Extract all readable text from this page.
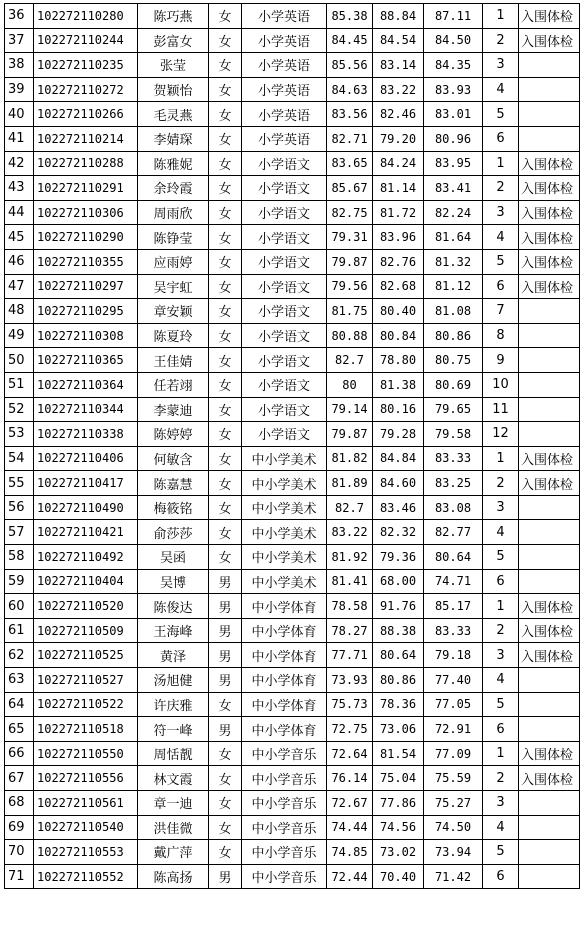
36	102272110280	陈巧燕	女	小学英语	85.38	88.84	87.11	1	入围体检
37	102272110244	彭富女	女	小学英语	84.45	84.54	84.50	2	入围体检
38	102272110235	张莹	女	小学英语	85.56	83.14	84.35	3	
39	102272110272	贺颖怡	女	小学英语	84.63	83.22	83.93	4	
40	102272110266	毛灵燕	女	小学英语	83.56	82.46	83.01	5	
41	102272110214	李婧琛	女	小学英语	82.71	79.20	80.96	6	
42	102272110288	陈雅妮	女	小学语文	83.65	84.24	83.95	1	入围体检
43	102272110291	余玲霞	女	小学语文	85.67	81.14	83.41	2	入围体检
44	102272110306	周雨欣	女	小学语文	82.75	81.72	82.24	3	入围体检
45	102272110290	陈铮莹	女	小学语文	79.31	83.96	81.64	4	入围体检
46	102272110355	应雨婷	女	小学语文	79.87	82.76	81.32	5	入围体检
47	102272110297	吴宇虹	女	小学语文	79.56	82.68	81.12	6	入围体检
48	102272110295	章安颖	女	小学语文	81.75	80.40	81.08	7	
49	102272110308	陈夏玲	女	小学语文	80.88	80.84	80.86	8	
50	102272110365	王佳婧	女	小学语文	82.7	78.80	80.75	9	
51	102272110364	任若翊	女	小学语文	80	81.38	80.69	10	
52	102272110344	李蒙迪	女	小学语文	79.14	80.16	79.65	11	
53	102272110338	陈婷婷	女	小学语文	79.87	79.28	79.58	12	
54	102272110406	何敏含	女	中小学美术	81.82	84.84	83.33	1	入围体检
55	102272110417	陈嘉慧	女	中小学美术	81.89	84.60	83.25	2	入围体检
56	102272110490	梅筱铭	女	中小学美术	82.7	83.46	83.08	3	
57	102272110421	俞莎莎	女	中小学美术	83.22	82.32	82.77	4	
58	102272110492	吴函	女	中小学美术	81.92	79.36	80.64	5	
59	102272110404	吴博	男	中小学美术	81.41	68.00	74.71	6	
60	102272110520	陈俊达	男	中小学体育	78.58	91.76	85.17	1	入围体检
61	102272110509	王海峰	男	中小学体育	78.27	88.38	83.33	2	入围体检
62	102272110525	黄泽	男	中小学体育	77.71	80.64	79.18	3	入围体检
63	102272110527	汤旭健	男	中小学体育	73.93	80.86	77.40	4	
64	102272110522	许庆雅	女	中小学体育	75.73	78.36	77.05	5	
65	102272110518	符一峰	男	中小学体育	72.75	73.06	72.91	6	
66	102272110550	周恬靓	女	中小学音乐	72.64	81.54	77.09	1	入围体检
67	102272110556	林文霞	女	中小学音乐	76.14	75.04	75.59	2	入围体检
68	102272110561	章一迪	女	中小学音乐	72.67	77.86	75.27	3	
69	102272110540	洪佳微	女	中小学音乐	74.44	74.56	74.50	4	
70	102272110553	戴广萍	女	中小学音乐	74.85	73.02	73.94	5	
71	102272110552	陈高扬	男	中小学音乐	72.44	70.40	71.42	6	
